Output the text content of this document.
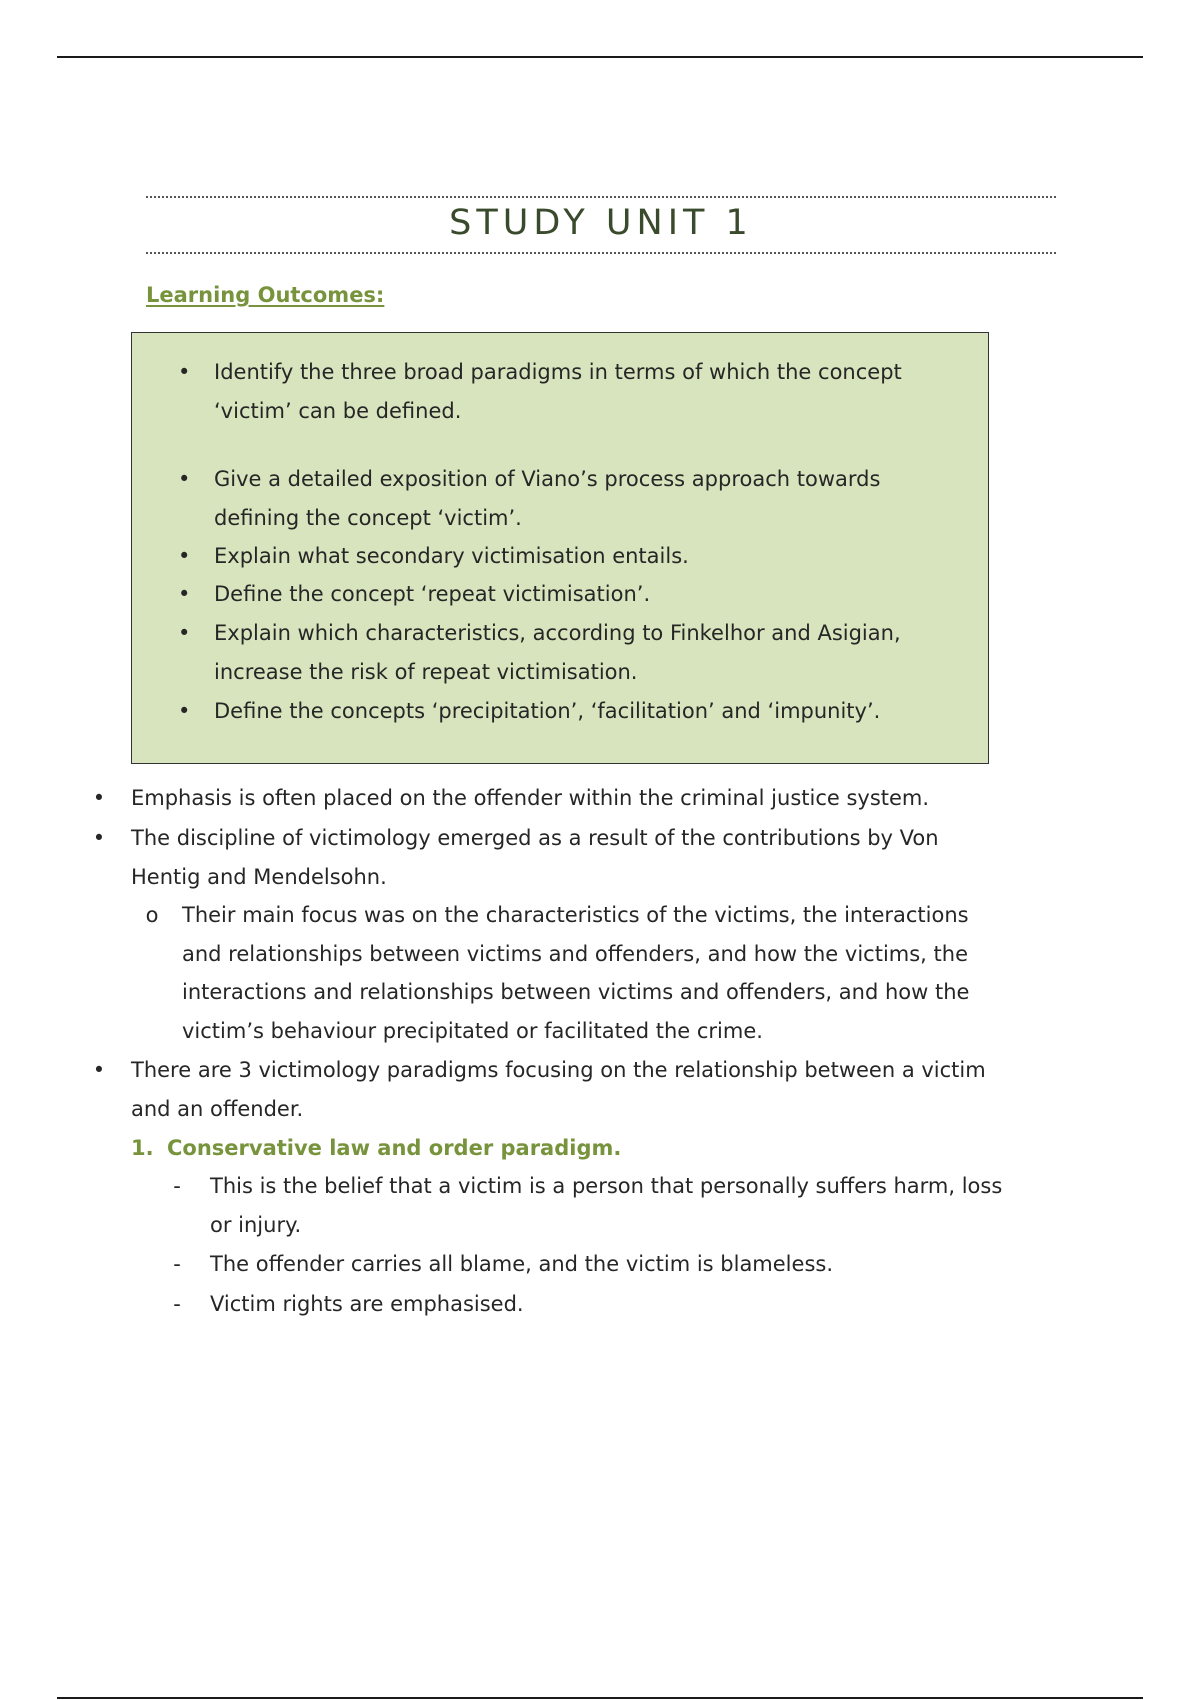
STUDY UNIT 1
Learning Outcomes:
• Identify the three broad paradigms in terms of which the concept
‘victim’ can be defined.
• Give a detailed exposition of Viano’s process approach towards
defining the concept ‘victim’.
• Explain what secondary victimisation entails.
• Define the concept ‘repeat victimisation’.
• Explain which characteristics, according to Finkelhor and Asigian,
increase the risk of repeat victimisation.
• Define the concepts ‘precipitation’, ‘facilitation’ and ‘impunity’.
• Emphasis is often placed on the offender within the criminal justice system.
• The discipline of victimology emerged as a result of the contributions by Von
Hentig and Mendelsohn.
o Their main focus was on the characteristics of the victims, the interactions
and relationships between victims and offenders, and how the victims, the
interactions and relationships between victims and offenders, and how the
victim’s behaviour precipitated or facilitated the crime.
• There are 3 victimology paradigms focusing on the relationship between a victim
and an offender.
1. Conservative law and order paradigm.
- This is the belief that a victim is a person that personally suffers harm, loss
or injury.
- The offender carries all blame, and the victim is blameless.
- Victim rights are emphasised.
